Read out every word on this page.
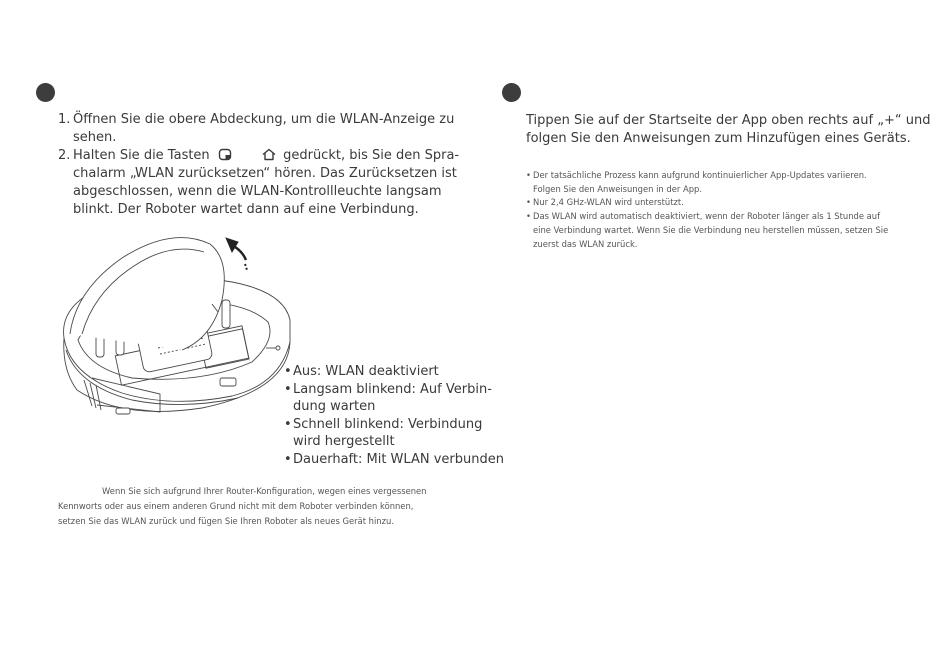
1. Öffnen Sie die obere Abdeckung, um die WLAN-Anzeige zu
sehen.
2. Halten Sie die Tasten	gedrückt, bis Sie den Spra-
chalarm „WLAN zurücksetzen“ hören. Das Zurücksetzen ist
abgeschlossen, wenn die WLAN-Kontrollleuchte langsam
blinkt. Der Roboter wartet dann auf eine Verbindung.
• Aus: WLAN deaktiviert
• Langsam blinkend: Auf Verbin-
dung warten
• Schnell blinkend: Verbindung
wird hergestellt
• Dauerhaft: Mit WLAN verbunden
Wenn Sie sich aufgrund Ihrer Router-Konfiguration, wegen eines vergessenen
Kennworts oder aus einem anderen Grund nicht mit dem Roboter verbinden können,
setzen Sie das WLAN zurück und fügen Sie Ihren Roboter als neues Gerät hinzu.
Tippen Sie auf der Startseite der App oben rechts auf „+“ und
folgen Sie den Anweisungen zum Hinzufügen eines Geräts.
• Der tatsächliche Prozess kann aufgrund kontinuierlicher App-Updates variieren.
Folgen Sie den Anweisungen in der App.
• Nur 2,4 GHz-WLAN wird unterstützt.
• Das WLAN wird automatisch deaktiviert, wenn der Roboter länger als 1 Stunde auf
eine Verbindung wartet. Wenn Sie die Verbindung neu herstellen müssen, setzen Sie
zuerst das WLAN zurück.
